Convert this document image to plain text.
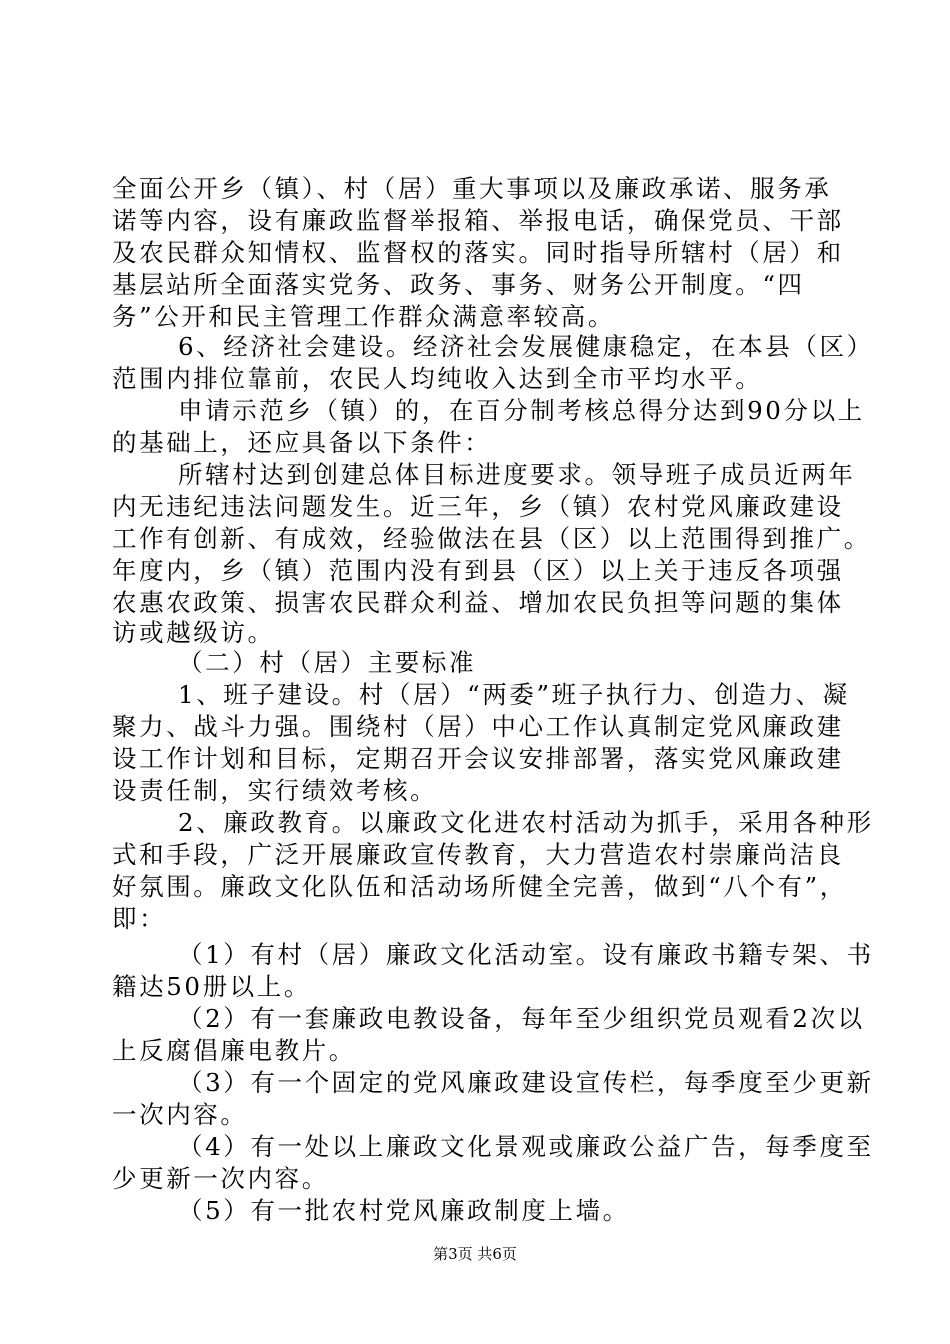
全面公开乡（镇）、村（居）重大事项以及廉政承诺、服务承
诺等内容，设有廉政监督举报箱、举报电话，确保党员、干部
及农民群众知情权、监督权的落实。同时指导所辖村（居）和
基层站所全面落实党务、政务、事务、财务公开制度。“四
务”公开和民主管理工作群众满意率较高。
6、经济社会建设。经济社会发展健康稳定，在本县（区）
范围内排位靠前，农民人均纯收入达到全市平均水平。
申请示范乡（镇）的，在百分制考核总得分达到90分以上
的基础上，还应具备以下条件：
所辖村达到创建总体目标进度要求。领导班子成员近两年
内无违纪违法问题发生。近三年，乡（镇）农村党风廉政建设
工作有创新、有成效，经验做法在县（区）以上范围得到推广。
年度内，乡（镇）范围内没有到县（区）以上关于违反各项强
农惠农政策、损害农民群众利益、增加农民负担等问题的集体
访或越级访。
（二）村（居）主要标准
1、班子建设。村（居）“两委”班子执行力、创造力、凝
聚力、战斗力强。围绕村（居）中心工作认真制定党风廉政建
设工作计划和目标，定期召开会议安排部署，落实党风廉政建
设责任制，实行绩效考核。
2、廉政教育。以廉政文化进农村活动为抓手，采用各种形
式和手段，广泛开展廉政宣传教育，大力营造农村崇廉尚洁良
好氛围。廉政文化队伍和活动场所健全完善，做到“八个有”，
即：
（1）有村（居）廉政文化活动室。设有廉政书籍专架、书
籍达50册以上。
（2）有一套廉政电教设备，每年至少组织党员观看2次以
上反腐倡廉电教片。
（3）有一个固定的党风廉政建设宣传栏，每季度至少更新
一次内容。
（4）有一处以上廉政文化景观或廉政公益广告，每季度至
少更新一次内容。
（5）有一批农村党风廉政制度上墙。
第3页 共6页
